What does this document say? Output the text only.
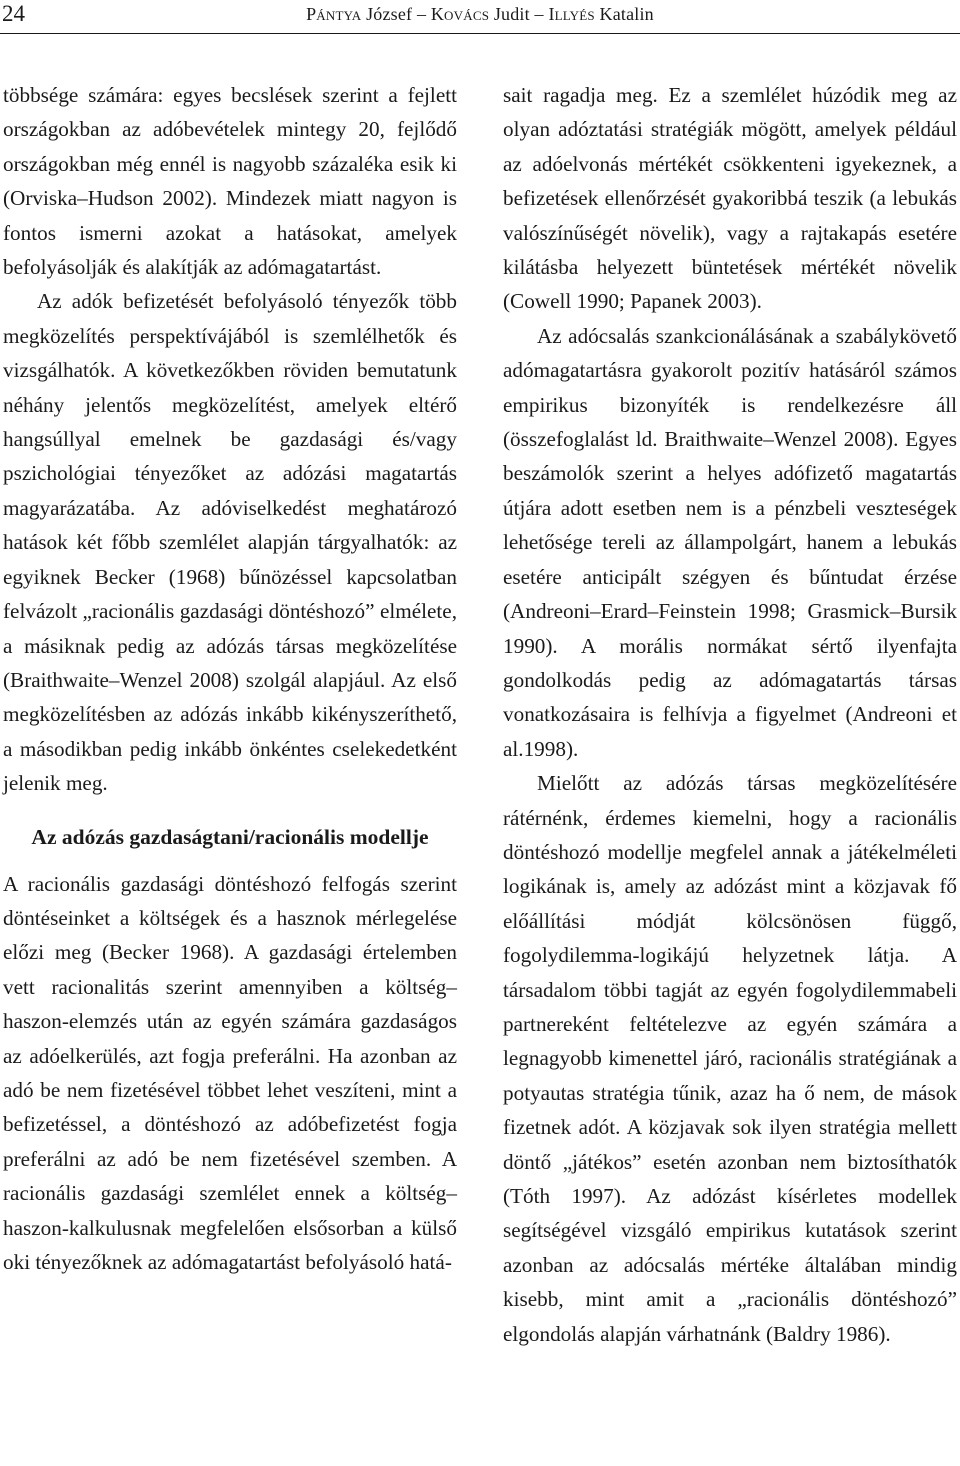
24	Pántya József – Kovács Judit – Illyés Katalin

többsége számára: egyes becslések szerint a fejlett országokban az adóbevételek mintegy 20, fejlődő országokban még ennél is nagyobb százaléka esik ki (Orviska–Hudson 2002). Mindezek miatt nagyon is fontos ismerni azokat a hatásokat, amelyek befolyásolják és alakítják az adómagatartást.

Az adók befizetését befolyásoló tényezők több megközelítés perspektívájából is szemlélhetők és vizsgálhatók. A következőkben röviden bemutatunk néhány jelentős megközelítést, amelyek eltérő hangsúllyal emelnek be gazdasági és/vagy pszichológiai tényezőket az adózási magatartás magyarázatába. Az adóviselkedést meghatározó hatások két főbb szemlélet alapján tárgyalhatók: az egyiknek Becker (1968) bűnözéssel kapcsolatban felvázolt „racionális gazdasági döntéshozó” elmélete, a másiknak pedig az adózás társas megközelítése (Braithwaite–Wenzel 2008) szolgál alapjául. Az első megközelítésben az adózás inkább kikényszeríthető, a másodikban pedig inkább önkéntes cselekedetként jelenik meg.

Az adózás gazdaságtani/racionális modellje

A racionális gazdasági döntéshozó felfogás szerint döntéseinket a költségek és a hasznok mérlegelése előzi meg (Becker 1968). A gazdasági értelemben vett racionalitás szerint amennyiben a költség–haszon-elemzés után az egyén számára gazdaságos az adóelkerülés, azt fogja preferálni. Ha azonban az adó be nem fizetésével többet lehet veszíteni, mint a befizetéssel, a döntéshozó az adóbefizetést fogja preferálni az adó be nem fizetésével szemben. A racionális gazdasági szemlélet ennek a költség–haszon-kalkulusnak megfelelően elsősorban a külső oki tényezőknek az adómagatartást befolyásoló hatá-

sait ragadja meg. Ez a szemlélet húzódik meg az olyan adóztatási stratégiák mögött, amelyek például az adóelvonás mértékét csökkenteni igyekeznek, a befizetések ellenőrzését gyakoribbá teszik (a lebukás valószínűségét növelik), vagy a rajtakapás esetére kilátásba helyezett büntetések mértékét növelik (Cowell 1990; Papanek 2003).

Az adócsalás szankcionálásának a szabálykövető adómagatartásra gyakorolt pozitív hatásáról számos empirikus bizonyíték is rendelkezésre áll (összefoglalást ld. Braithwaite–Wenzel 2008). Egyes beszámolók szerint a helyes adófizető magatartás útjára adott esetben nem is a pénzbeli veszteségek lehetősége tereli az állampolgárt, hanem a lebukás esetére anticipált szégyen és bűntudat érzése (Andreoni–Erard–Feinstein 1998; Grasmick–Bursik 1990). A morális normákat sértő ilyenfajta gondolkodás pedig az adómagatartás társas vonatkozásaira is felhívja a figyelmet (Andreoni et al.1998).

Mielőtt az adózás társas megközelítésére rátérnénk, érdemes kiemelni, hogy a racionális döntéshozó modellje megfelel annak a játékelméleti logikának is, amely az adózást mint a közjavak fő előállítási módját kölcsönösen függő, fogolydilemma-logikájú helyzetnek látja. A társadalom többi tagját az egyén fogolydilemmabeli partnereként feltételezve az egyén számára a legnagyobb kimenettel járó, racionális stratégiának a potyautas stratégia tűnik, azaz ha ő nem, de mások fizetnek adót. A közjavak sok ilyen stratégia mellett döntő „játékos” esetén azonban nem biztosíthatók (Tóth 1997). Az adózást kísérletes modellek segítségével vizsgáló empirikus kutatások szerint azonban az adócsalás mértéke általában mindig kisebb, mint amit a „racionális döntéshozó” elgondolás alapján várhatnánk (Baldry 1986).
